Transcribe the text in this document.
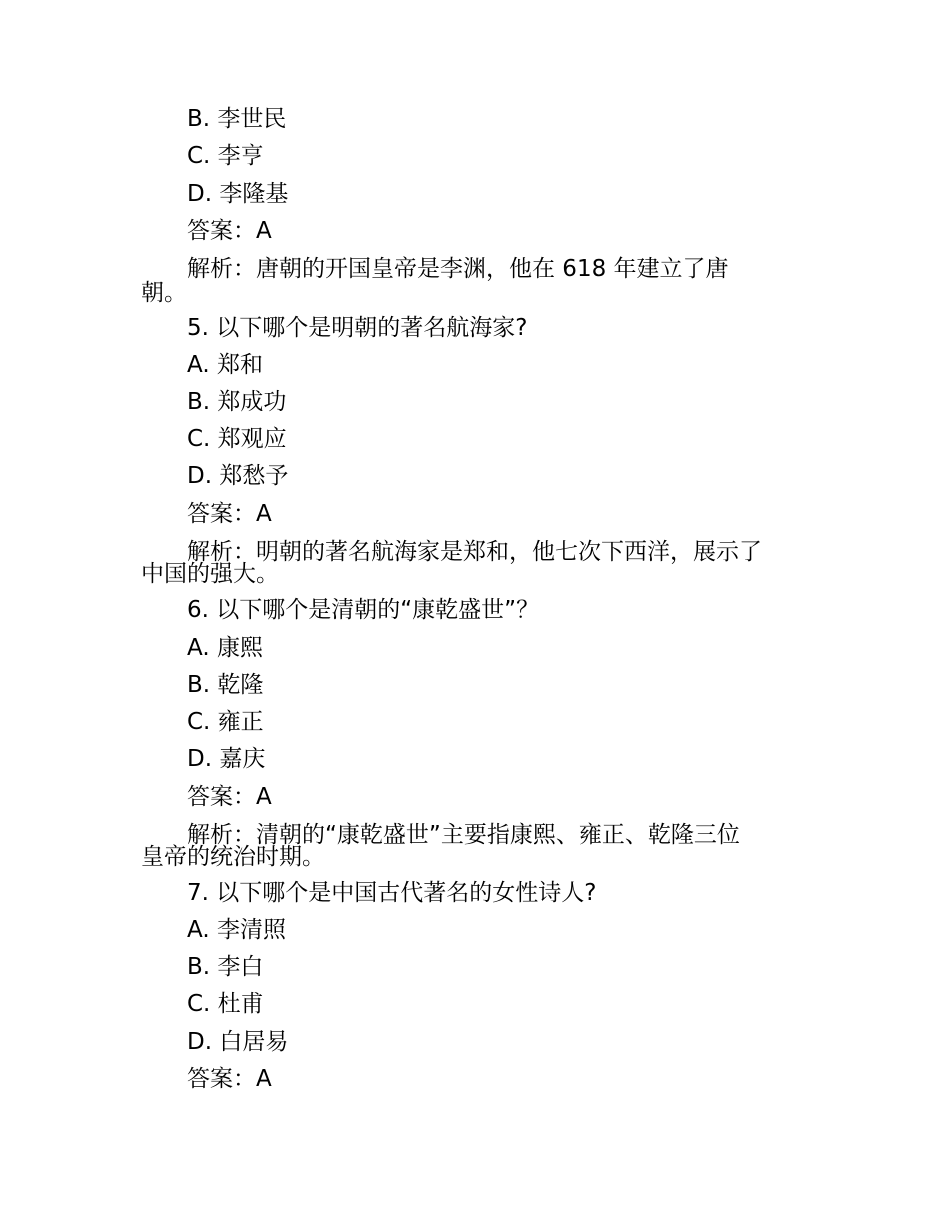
B. 李世民
C. 李亨
D. 李隆基
答案：A
解析：唐朝的开国皇帝是李渊，他在 618 年建立了唐
朝。
5. 以下哪个是明朝的著名航海家?
A. 郑和
B. 郑成功
C. 郑观应
D. 郑愁予
答案：A
解析：明朝的著名航海家是郑和，他七次下西洋，展示了
中国的强大。
6. 以下哪个是清朝的“康乾盛世”？
A. 康熙
B. 乾隆
C. 雍正
D. 嘉庆
答案：A
解析：清朝的“康乾盛世”主要指康熙、雍正、乾隆三位
皇帝的统治时期。
7. 以下哪个是中国古代著名的女性诗人?
A. 李清照
B. 李白
C. 杜甫
D. 白居易
答案：A
